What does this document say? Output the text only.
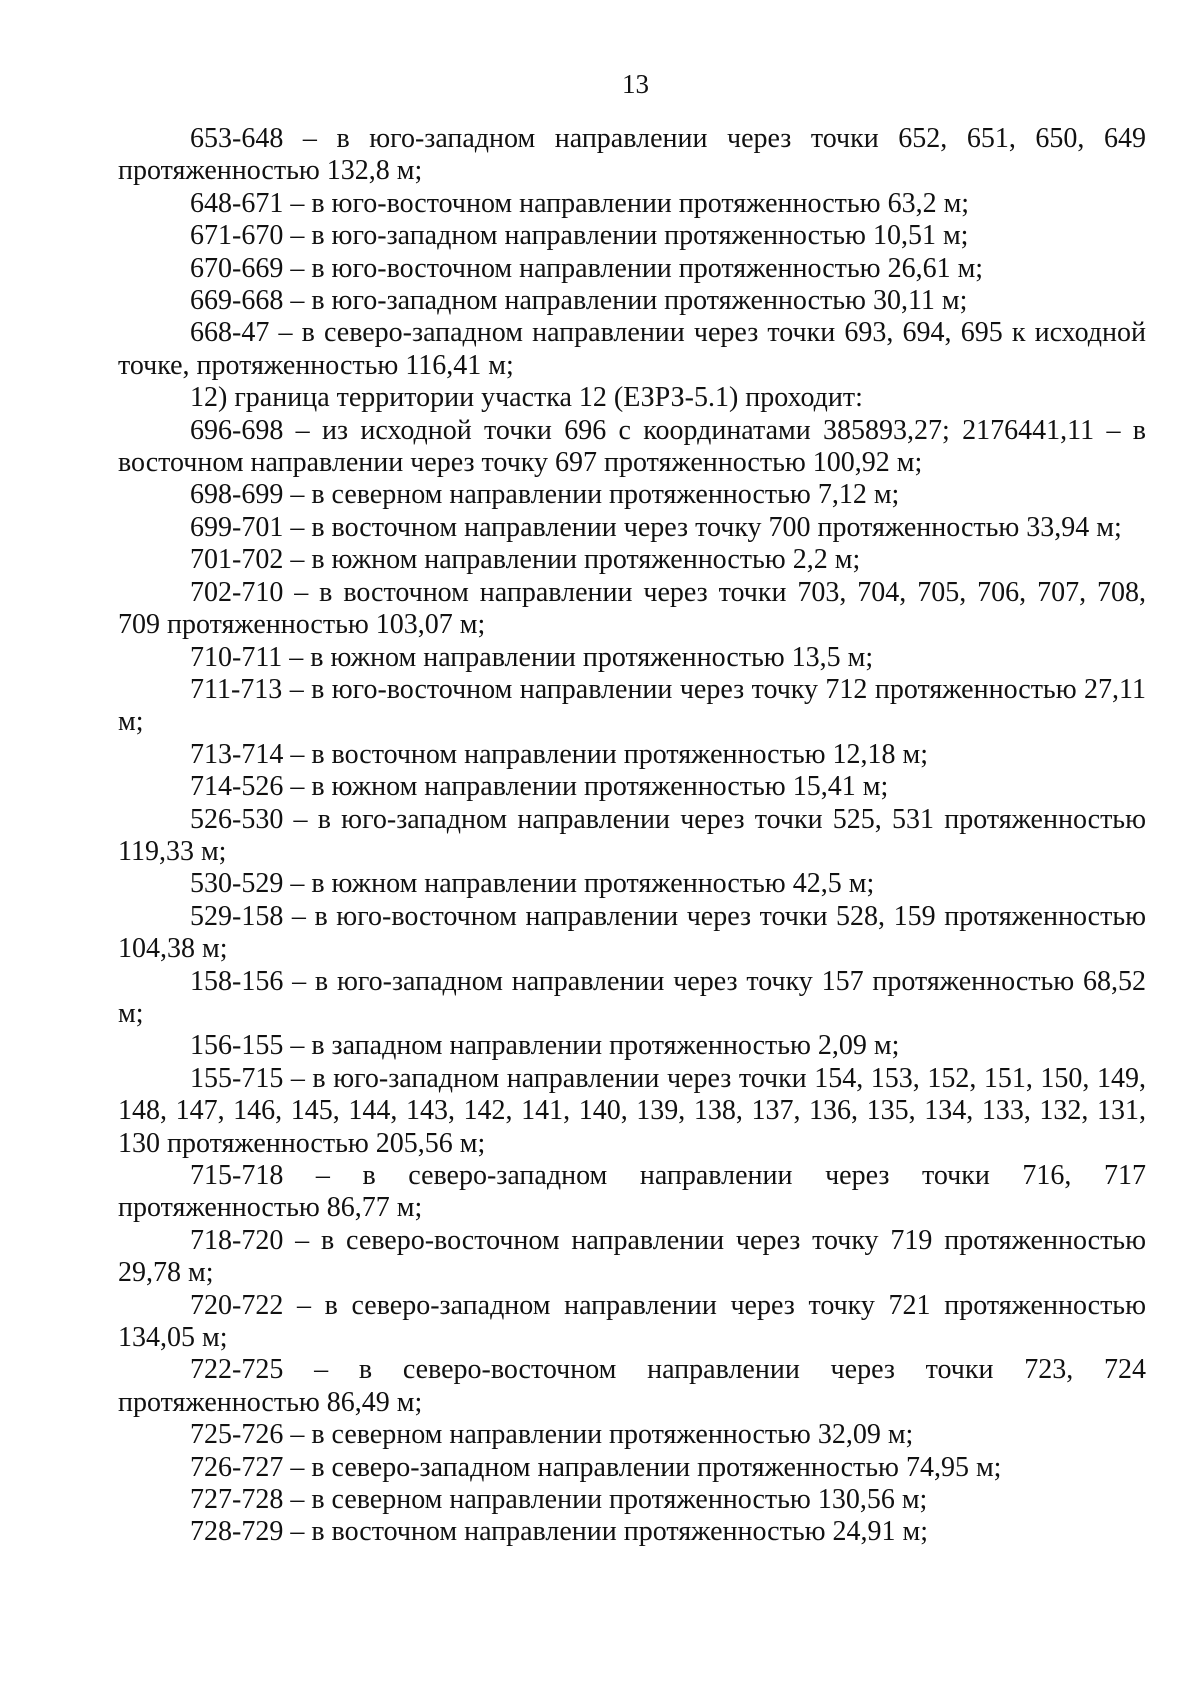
13

653-648 – в юго-западном направлении через точки 652, 651, 650, 649 протяженностью 132,8 м;

648-671 – в юго-восточном направлении протяженностью 63,2 м;

671-670 – в юго-западном направлении протяженностью 10,51 м;

670-669 – в юго-восточном направлении протяженностью 26,61 м;

669-668 – в юго-западном направлении протяженностью 30,11 м;

668-47 – в северо-западном направлении через точки 693, 694, 695 к исходной точке, протяженностью 116,41 м;

12) граница территории участка 12 (ЕЗРЗ-5.1) проходит:

696-698 – из исходной точки 696 с координатами 385893,27; 2176441,11 – в восточном направлении через точку 697 протяженностью 100,92 м;

698-699 – в северном направлении протяженностью 7,12 м;

699-701 – в восточном направлении через точку 700 протяженностью 33,94 м;

701-702 – в южном направлении протяженностью 2,2 м;

702-710 – в восточном направлении через точки 703, 704, 705, 706, 707, 708, 709 протяженностью 103,07 м;

710-711 – в южном направлении протяженностью 13,5 м;

711-713 – в юго-восточном направлении через точку 712 протяженностью 27,11 м;

713-714 – в восточном направлении протяженностью 12,18 м;

714-526 – в южном направлении протяженностью 15,41 м;

526-530 – в юго-западном направлении через точки 525, 531 протяженностью 119,33 м;

530-529 – в южном направлении протяженностью 42,5 м;

529-158 – в юго-восточном направлении через точки 528, 159 протяженностью 104,38 м;

158-156 – в юго-западном направлении через точку 157 протяженностью 68,52 м;

156-155 – в западном направлении протяженностью 2,09 м;

155-715 – в юго-западном направлении через точки 154, 153, 152, 151, 150, 149, 148, 147, 146, 145, 144, 143, 142, 141, 140, 139, 138, 137, 136, 135, 134, 133, 132, 131, 130 протяженностью 205,56 м;

715-718 – в северо-западном направлении через точки 716, 717 протяженностью 86,77 м;

718-720 – в северо-восточном направлении через точку 719 протяженностью 29,78 м;

720-722 – в северо-западном направлении через точку 721 протяженностью 134,05 м;

722-725 – в северо-восточном направлении через точки 723, 724 протяженностью 86,49 м;

725-726 – в северном направлении протяженностью 32,09 м;

726-727 – в северо-западном направлении протяженностью 74,95 м;

727-728 – в северном направлении протяженностью 130,56 м;

728-729 – в восточном направлении протяженностью 24,91 м;
